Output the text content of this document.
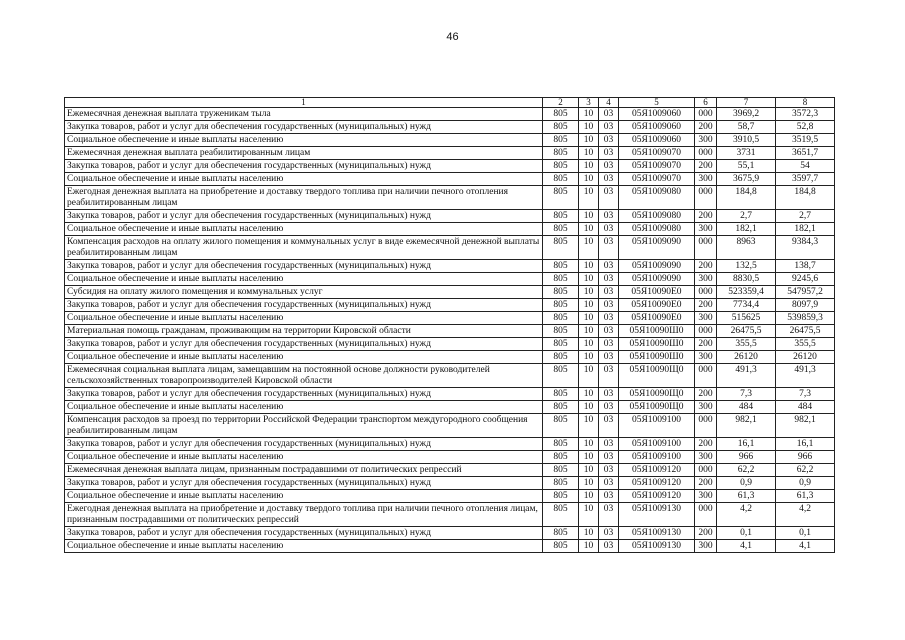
46
1	2	3	4	5	6	7	8
Ежемесячная денежная выплата труженикам тыла	805	10	03	05Я1009060	000	3969,2	3572,3
Закупка товаров, работ и услуг для обеспечения государственных (муниципальных) нужд	805	10	03	05Я1009060	200	58,7	52,8
Социальное обеспечение и иные выплаты населению	805	10	03	05Я1009060	300	3910,5	3519,5
Ежемесячная денежная выплата реабилитированным лицам	805	10	03	05Я1009070	000	3731	3651,7
Закупка товаров, работ и услуг для обеспечения государственных (муниципальных) нужд	805	10	03	05Я1009070	200	55,1	54
Социальное обеспечение и иные выплаты населению	805	10	03	05Я1009070	300	3675,9	3597,7
Ежегодная денежная выплата на приобретение и доставку твердого топлива при наличии печного отопления реабилитированным лицам	805	10	03	05Я1009080	000	184,8	184,8
Закупка товаров, работ и услуг для обеспечения государственных (муниципальных) нужд	805	10	03	05Я1009080	200	2,7	2,7
Социальное обеспечение и иные выплаты населению	805	10	03	05Я1009080	300	182,1	182,1
Компенсация расходов на оплату жилого помещения и коммунальных услуг в виде ежемесячной денежной выплаты реабилитированным лицам	805	10	03	05Я1009090	000	8963	9384,3
Закупка товаров, работ и услуг для обеспечения государственных (муниципальных) нужд	805	10	03	05Я1009090	200	132,5	138,7
Социальное обеспечение и иные выплаты населению	805	10	03	05Я1009090	300	8830,5	9245,6
Субсидия на оплату жилого помещения и коммунальных услуг	805	10	03	05Я10090Е0	000	523359,4	547957,2
Закупка товаров, работ и услуг для обеспечения государственных (муниципальных) нужд	805	10	03	05Я10090Е0	200	7734,4	8097,9
Социальное обеспечение и иные выплаты населению	805	10	03	05Я10090Е0	300	515625	539859,3
Материальная помощь гражданам, проживающим на территории Кировской области	805	10	03	05Я10090Ш0	000	26475,5	26475,5
Закупка товаров, работ и услуг для обеспечения государственных (муниципальных) нужд	805	10	03	05Я10090Ш0	200	355,5	355,5
Социальное обеспечение и иные выплаты населению	805	10	03	05Я10090Ш0	300	26120	26120
Ежемесячная социальная выплата лицам, замещавшим на постоянной основе должности руководителей сельскохозяйственных товаропроизводителей Кировской области	805	10	03	05Я10090Щ0	000	491,3	491,3
Закупка товаров, работ и услуг для обеспечения государственных (муниципальных) нужд	805	10	03	05Я10090Щ0	200	7,3	7,3
Социальное обеспечение и иные выплаты населению	805	10	03	05Я10090Щ0	300	484	484
Компенсация расходов за проезд по территории Российской Федерации транспортом междугородного сообщения реабилитированным лицам	805	10	03	05Я1009100	000	982,1	982,1
Закупка товаров, работ и услуг для обеспечения государственных (муниципальных) нужд	805	10	03	05Я1009100	200	16,1	16,1
Социальное обеспечение и иные выплаты населению	805	10	03	05Я1009100	300	966	966
Ежемесячная денежная выплата лицам, признанным пострадавшими от политических репрессий	805	10	03	05Я1009120	000	62,2	62,2
Закупка товаров, работ и услуг для обеспечения государственных (муниципальных) нужд	805	10	03	05Я1009120	200	0,9	0,9
Социальное обеспечение и иные выплаты населению	805	10	03	05Я1009120	300	61,3	61,3
Ежегодная денежная выплата на приобретение и доставку твердого топлива при наличии печного отопления лицам, признанным пострадавшими от политических репрессий	805	10	03	05Я1009130	000	4,2	4,2
Закупка товаров, работ и услуг для обеспечения государственных (муниципальных) нужд	805	10	03	05Я1009130	200	0,1	0,1
Социальное обеспечение и иные выплаты населению	805	10	03	05Я1009130	300	4,1	4,1
